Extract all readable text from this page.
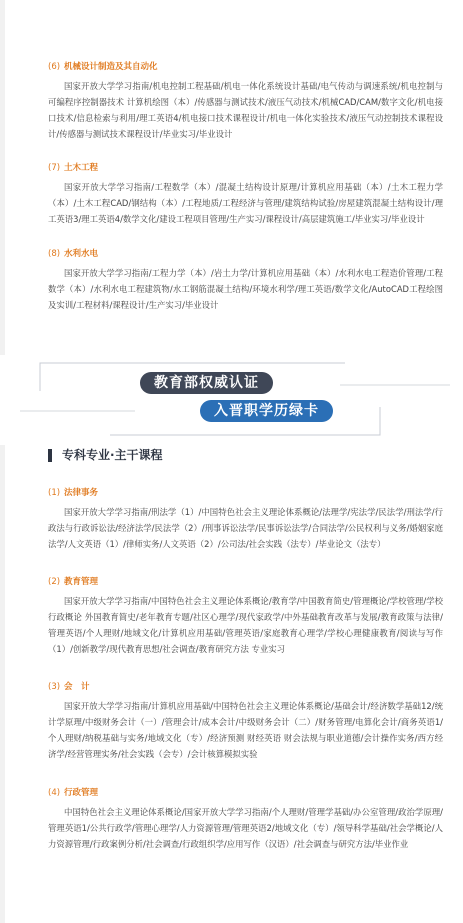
(6) 机械设计制造及其自动化

国家开放大学学习指南/机电控制工程基础/机电一体化系统设计基础/电气传动与调速系统/机电控制与可编程序控制器技术 计算机绘图（本）/传感器与测试技术/液压气动技术/机械CAD/CAM/数字文化/机电接口技术/信息检索与利用/理工英语4/机电接口技术课程设计/机电一体化实验技术/液压气动控制技术课程设计/传感器与测试技术课程设计/毕业实习/毕业设计

(7) 土木工程

国家开放大学学习指南/工程数学（本）/混凝土结构设计原理/计算机应用基础（本）/土木工程力学（本）/土木工程CAD/钢结构（本）/工程地质/工程经济与管理/建筑结构试验/房屋建筑混凝土结构设计/理工英语3/理工英语4/数学文化/建设工程项目管理/生产实习/课程设计/高层建筑施工/毕业实习/毕业设计

(8) 水利水电

国家开放大学学习指南/工程力学（本）/岩土力学/计算机应用基础（本）/水利水电工程造价管理/工程数学（本）/水利水电工程建筑物/水工钢筋混凝土结构/环境水利学/理工英语/数学文化/AutoCAD工程绘图及实训/工程材料/课程设计/生产实习/毕业设计
教育部权威认证
入晋职学历绿卡
专科专业·主干课程

(1) 法律事务

国家开放大学学习指南/刑法学（1）/中国特色社会主义理论体系概论/法理学/宪法学/民法学/刑法学/行政法与行政诉讼法/经济法学/民法学（2）/刑事诉讼法学/民事诉讼法学/合同法学/公民权利与义务/婚姻家庭法学/人文英语（1）/律师实务/人文英语（2）/公司法/社会实践（法专）/毕业论文（法专）

(2) 教育管理

国家开放大学学习指南/中国特色社会主义理论体系概论/教育学/中国教育简史/管理概论/学校管理/学校行政概论 外国教育简史/老年教育专题/社区心理学/现代家政学/中外基础教育改革与发展/教育政策与法律/管理英语/个人理财/地域文化/计算机应用基础/管理英语/家庭教育心理学/学校心理健康教育/阅读与写作（1）/创新教学/现代教育思想/社会调查/教育研究方法 专业实习

(3) 会　计

国家开放大学学习指南/计算机应用基础/中国特色社会主义理论体系概论/基础会计/经济数学基础12/统计学原理/中级财务会计（一）/管理会计/成本会计/中级财务会计（二）/财务管理/电算化会计/商务英语1/个人理财/纳税基础与实务/地域文化（专）/经济预测 财经英语 财会法规与职业道德/会计操作实务/西方经济学/经营管理实务/社会实践（会专）/会计核算模拟实验

(4) 行政管理

中国特色社会主义理论体系概论/国家开放大学学习指南/个人理财/管理学基础/办公室管理/政治学原理/管理英语1/公共行政学/管理心理学/人力资源管理/管理英语2/地域文化（专）/领导科学基础/社会学概论/人力资源管理/行政案例分析/社会调查/行政组织学/应用写作（汉语）/社会调查与研究方法/毕业作业
